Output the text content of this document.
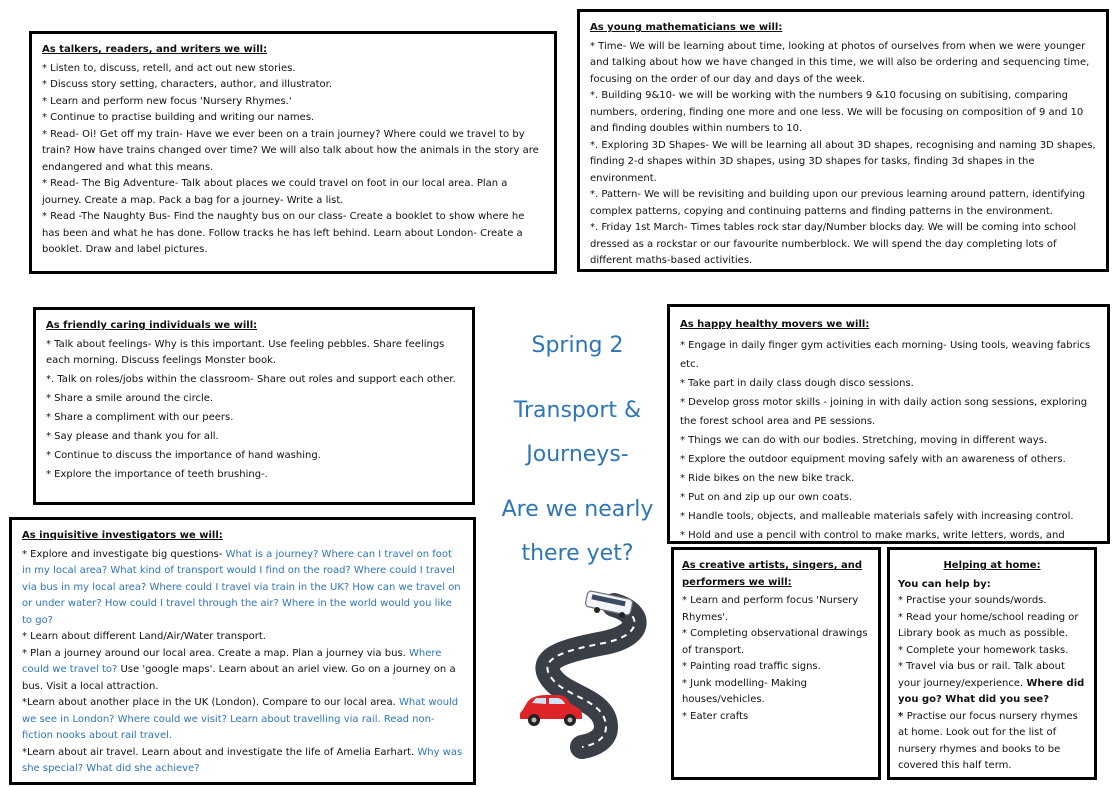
As talkers, readers, and writers we will:

* Listen to, discuss, retell, and act out new stories.

* Discuss story setting, characters, author, and illustrator.

* Learn and perform new focus 'Nursery Rhymes.'

* Continue to practise building and writing our names.

* Read- Oi! Get off my train- Have we ever been on a train journey? Where could we travel to by train? How have trains changed over time? We will also talk about how the animals in the story are endangered and what this means.

* Read- The Big Adventure- Talk about places we could travel on foot in our local area. Plan a journey. Create a map. Pack a bag for a journey- Write a list.

* Read -The Naughty Bus- Find the naughty bus on our class- Create a booklet to show where he has been and what he has done. Follow tracks he has left behind. Learn about London- Create a booklet. Draw and label pictures.

As young mathematicians we will:

* Time- We will be learning about time, looking at photos of ourselves from when we were younger and talking about how we have changed in this time, we will also be ordering and sequencing time, focusing on the order of our day and days of the week.

*. Building 9&10- we will be working with the numbers 9 &10 focusing on subitising, comparing numbers, ordering, finding one more and one less. We will be focusing on composition of 9 and 10 and finding doubles within numbers to 10.

*. Exploring 3D Shapes- We will be learning all about 3D shapes, recognising and naming 3D shapes, finding 2-d shapes within 3D shapes, using 3D shapes for tasks, finding 3d shapes in the environment.

*. Pattern- We will be revisiting and building upon our previous learning around pattern, identifying complex patterns, copying and continuing patterns and finding patterns in the environment.

*. Friday 1st March- Times tables rock star day/Number blocks day. We will be coming into school dressed as a rockstar or our favourite numberblock. We will spend the day completing lots of different maths-based activities.

As friendly caring individuals we will:

* Talk about feelings- Why is this important. Use feeling pebbles. Share feelings each morning. Discuss feelings Monster book.

*. Talk on roles/jobs within the classroom- Share out roles and support each other.

* Share a smile around the circle.

* Share a compliment with our peers.

* Say please and thank you for all.

* Continue to discuss the importance of hand washing.

* Explore the importance of teeth brushing-.

Spring 2
Transport &
Journeys-
Are we nearly
there yet?
As happy healthy movers we will:

* Engage in daily finger gym activities each morning- Using tools, weaving fabrics etc.

* Take part in daily class dough disco sessions.

* Develop gross motor skills - joining in with daily action song sessions, exploring the forest school area and PE sessions.

* Things we can do with our bodies. Stretching, moving in different ways.

* Explore the outdoor equipment moving safely with an awareness of others.

* Ride bikes on the new bike track.

* Put on and zip up our own coats.

* Handle tools, objects, and malleable materials safely with increasing control.

* Hold and use a pencil with control to make marks, write letters, words, and

As inquisitive investigators we will:

* Explore and investigate big questions- What is a journey? Where can I travel on foot in my local area? What kind of transport would I find on the road? Where could I travel via bus in my local area? Where could I travel via train in the UK? How can we travel on or under water? How could I travel through the air? Where in the world would you like to go?

* Learn about different Land/Air/Water transport.

* Plan a journey around our local area. Create a map. Plan a journey via bus. Where could we travel to? Use 'google maps'. Learn about an ariel view. Go on a journey on a bus. Visit a local attraction.

*Learn about another place in the UK (London). Compare to our local area. What would we see in London? Where could we visit? Learn about travelling via rail. Read non-fiction nooks about rail travel.

*Learn about air travel. Learn about and investigate the life of Amelia Earhart. Why was she special? What did she achieve?

As creative artists, singers, and performers we will:

* Learn and perform focus 'Nursery Rhymes'.

* Completing observational drawings of transport.

* Painting road traffic signs.

* Junk modelling- Making houses/vehicles.

* Eater crafts

Helping at home:

You can help by:

* Practise your sounds/words.

* Read your home/school reading or Library book as much as possible.

* Complete your homework tasks.

* Travel via bus or rail. Talk about your journey/experience. Where did you go? What did you see?

* Practise our focus nursery rhymes at home. Look out for the list of nursery rhymes and books to be covered this half term.
